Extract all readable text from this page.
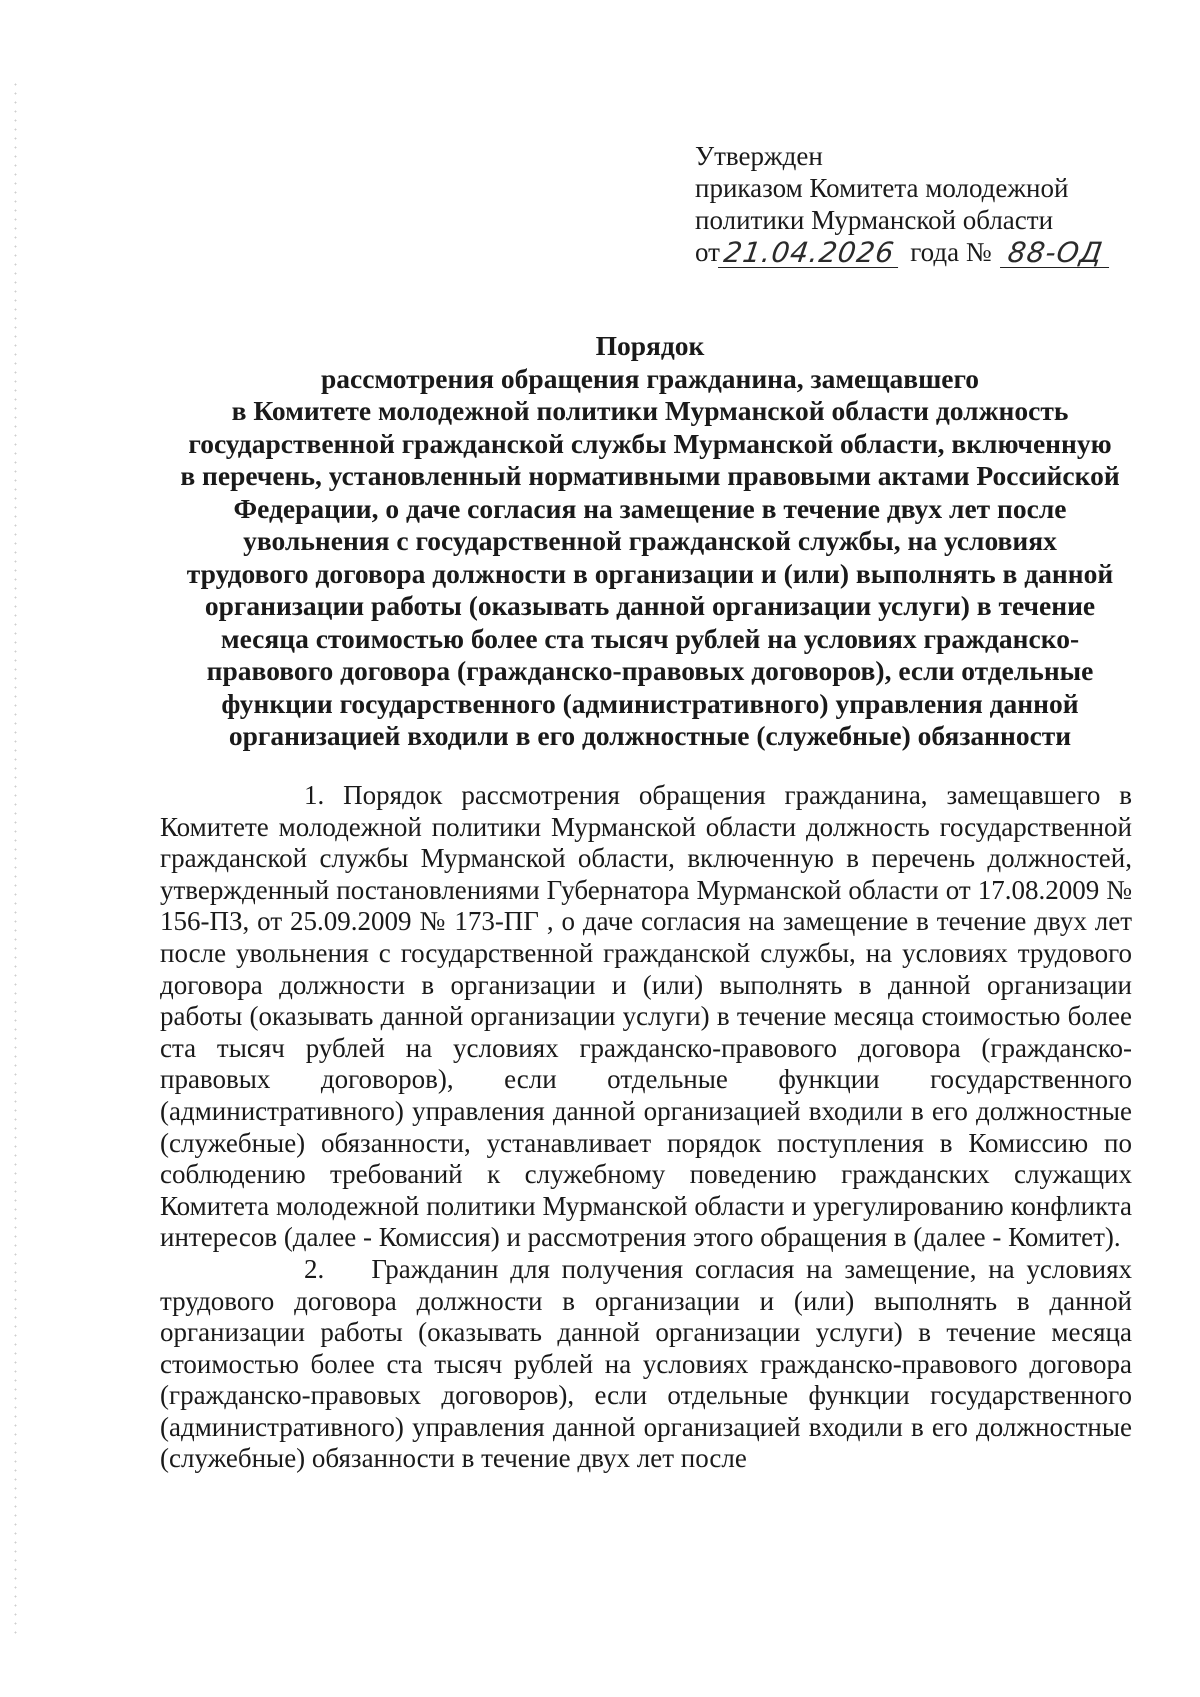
Утвержден
приказом Комитета молодежной
политики Мурманской области
от 21.04.2026 года № 88-ОД
Порядок
рассмотрения обращения гражданина, замещавшего
в Комитете молодежной политики Мурманской области должность
государственной гражданской службы Мурманской области, включенную
в перечень, установленный нормативными правовыми актами Российской
Федерации, о даче согласия на замещение в течение двух лет после
увольнения с государственной гражданской службы, на условиях
трудового договора должности в организации и (или) выполнять в данной
организации работы (оказывать данной организации услуги) в течение
месяца стоимостью более ста тысяч рублей на условиях гражданско-
правового договора (гражданско-правовых договоров), если отдельные
функции государственного (административного) управления данной
организацией входили в его должностные (служебные) обязанности

1. Порядок рассмотрения обращения гражданина, замещавшего в Комитете молодежной политики Мурманской области должность государственной гражданской службы Мурманской области, включенную в перечень должностей, утвержденный постановлениями Губернатора Мурманской области от 17.08.2009 № 156-ПЗ, от 25.09.2009 № 173-ПГ , о даче согласия на замещение в течение двух лет после увольнения с государственной гражданской службы, на условиях трудового договора должности в организации и (или) выполнять в данной организации работы (оказывать данной организации услуги) в течение месяца стоимостью более ста тысяч рублей на условиях гражданско-правового договора (гражданско-правовых договоров), если отдельные функции государственного (административного) управления данной организацией входили в его должностные (служебные) обязанности, устанавливает порядок поступления в Комиссию по соблюдению требований к служебному поведению гражданских служащих Комитета молодежной политики Мурманской области и урегулированию конфликта интересов (далее - Комиссия) и рассмотрения этого обращения в (далее - Комитет).

2. Гражданин для получения согласия на замещение, на условиях трудового договора должности в организации и (или) выполнять в данной организации работы (оказывать данной организации услуги) в течение месяца стоимостью более ста тысяч рублей на условиях гражданско-правового договора (гражданско-правовых договоров), если отдельные функции государственного (административного) управления данной организацией входили в его должностные (служебные) обязанности в течение двух лет после
